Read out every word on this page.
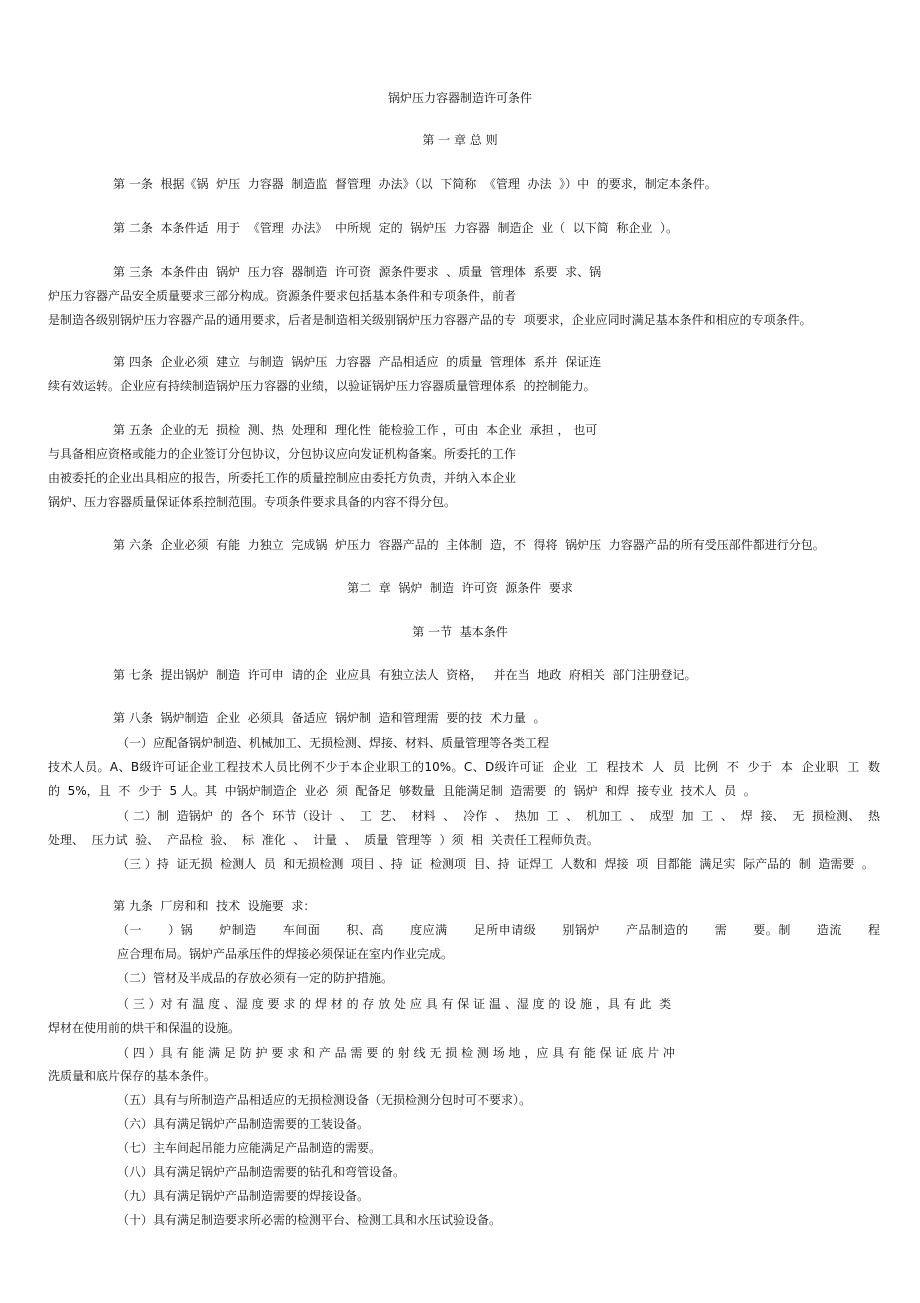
锅炉压力容器制造许可条件
第 一 章 总 则
第 一条  根据《锅  炉压  力容器  制造监  督管理  办法》（以  下简称  《管理  办法  》）中  的要求，制定本条件。
第 二条  本条件适  用于  《管理  办法》  中所规  定的  锅炉压  力容器  制造企  业（  以下简  称企业  ）。
第 三条  本条件由  锅炉  压力容  器制造  许可资  源条件要求  、质量  管理体  系要  求、锅
炉压力容器产品安全质量要求三部分构成。资源条件要求包括基本条件和专项条件，前者
是制造各级别锅炉压力容器产品的通用要求，后者是制造相关级别锅炉压力容器产品的专  项要求，企业应同时满足基本条件和相应的专项条件。
第 四条  企业必须  建立  与制造  锅炉压  力容器  产品相适应  的质量  管理体  系并  保证连
续有效运转。企业应有持续制造锅炉压力容器的业绩，以验证锅炉压力容器质量管理体系  的控制能力。
第 五条  企业的无  损检  测、热  处理和  理化性  能检验工作 ，可由  本企业  承担 ， 也可
与具备相应资格或能力的企业签订分包协议，分包协议应向发证机构备案。所委托的工作
由被委托的企业出具相应的报告，所委托工作的质量控制应由委托方负责，并纳入本企业
锅炉、压力容器质量保证体系控制范围。专项条件要求具备的内容不得分包。
第 六条  企业必须  有能  力独立  完成锅  炉压力  容器产品的  主体制  造，不  得将  锅炉压  力容器产品的所有受压部件都进行分包。
第二  章  锅炉  制造  许可资  源条件  要求
第 一节  基本条件
第 七条  提出锅炉  制造  许可申  请的企  业应具  有独立法人  资格，   并在当  地政  府相关  部门注册登记。
第 八条  锅炉制造  企业  必须具  备适应  锅炉制  造和管理需  要的技  术力量  。
（一）应配备锅炉制造、机械加工、无损检测、焊接、材料、质量管理等各类工程
技术人员。A、B级许可证企业工程技术人员比例不少于本企业职工的10%。C、D级许可证  企业  工  程技术  人  员  比例  不  少于  本  企业职  工  数
的  5%，且  不  少于  5 人。其  中锅炉制造企  业必  须  配备足  够数量  且能满足制  造需要  的  锅炉  和焊  接专业  技术人  员  。
（ 二）制  造锅炉  的  各个  环节（设计  、  工  艺、  材料  、  冷作  、  热加  工  、  机加工  、  成型  加  工  、  焊  接、  无  损检测、  热
处理、  压力试  验、  产品检  验、  标  准化  、  计量  、  质量  管理等  ）须  相  关责任工程师负责。
（三 ）持  证无损  检测人  员  和无损检测  项目 、持  证  检测项  目、持  证焊工  人数和  焊接  项  目都能  满足实  际产品的  制  造需要  。
第 九条  厂房和和  技术  设施要  求：
（一      ）锅      炉制造      车间面      积、高      度应满      足所申请级      别锅炉      产品制造的      需      要。制      造流      程
应合理布局。锅炉产品承压件的焊接必须保证在室内作业完成。
（二）管材及半成品的存放必须有一定的防护措施。
（ 三 ）对 有 温 度 、湿 度 要 求 的 焊 材 的 存 放 处 应 具 有 保 证 温 、湿 度 的 设 施 ，具 有 此  类
焊材在使用前的烘干和保温的设施。
（ 四 ）具 有 能 满 足 防 护 要 求 和 产 品 需 要 的 射 线 无 损 检 测 场 地 ，应 具 有 能 保 证 底 片 冲
洗质量和底片保存的基本条件。
（五）具有与所制造产品相适应的无损检测设备（无损检测分包时可不要求）。
（六）具有满足锅炉产品制造需要的工装设备。
（七）主车间起吊能力应能满足产品制造的需要。
（八）具有满足锅炉产品制造需要的钻孔和弯管设备。
（九）具有满足锅炉产品制造需要的焊接设备。
（十）具有满足制造要求所必需的检测平台、检测工具和水压试验设备。
